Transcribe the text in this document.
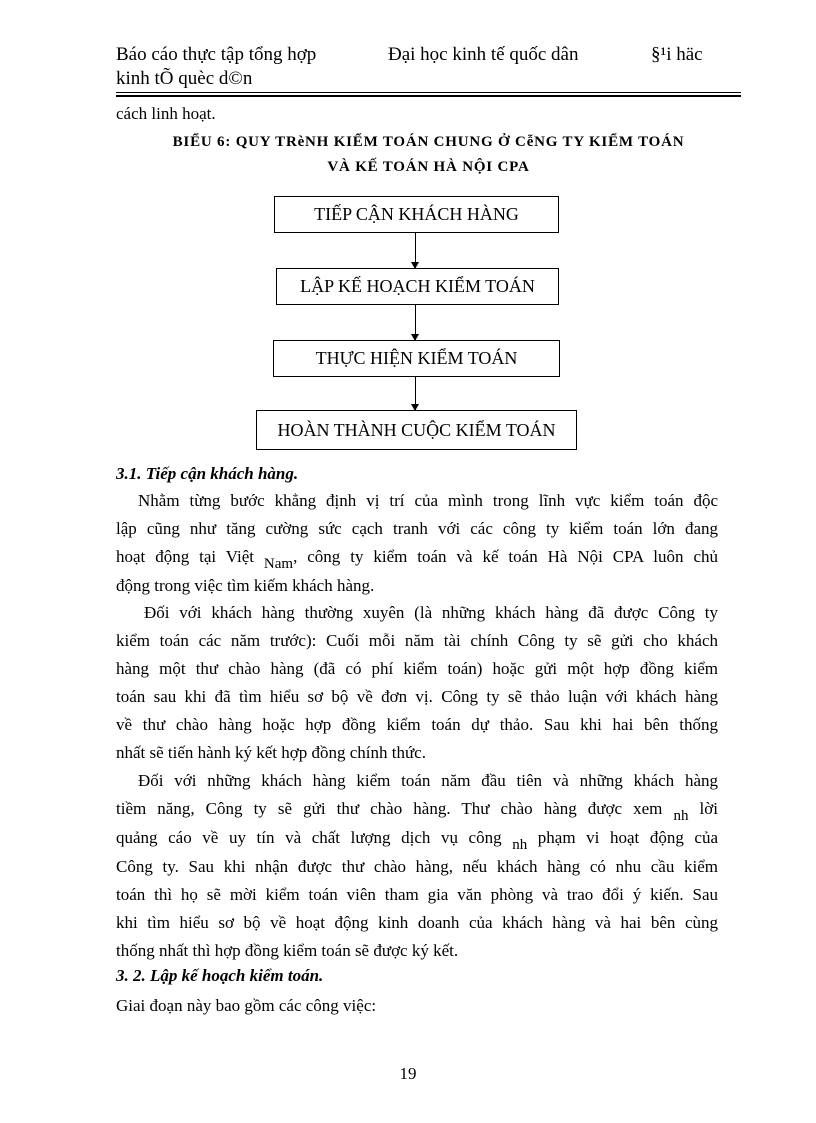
Báo cáo thực tập tổng hợp
kinh tÕ quèc d©n
Đại học kinh tế quốc dân	§¹i häc
cách linh hoạt.
BIỂU 6: QUY TRèNH KIỂM TOÁN CHUNG Ở CễNG TY KIỂM TOÁN
VÀ KẾ TOÁN HÀ NỘI CPA
TIẾP CẬN KHÁCH HÀNG
LẬP KẾ HOẠCH KIỂM TOÁN
THỰC HIỆN KIỂM TOÁN
HOÀN THÀNH CUỘC KIỂM TOÁN
3.1. Tiếp cận khách hàng.
Nhằm từng bước khẳng định vị trí của mình trong lĩnh vực kiểm toán độc
lập cũng như tăng cường sức cạch tranh với các công ty kiểm toán lớn đang
hoạt động tại Việt Nam, công ty kiểm toán và kế toán Hà Nội CPA luôn chủ
động trong việc tìm kiếm khách hàng.
Đối với khách hàng thường xuyên (là những khách hàng đã được Công ty
kiểm toán các năm trước): Cuối mỗi năm tài chính Công ty sẽ gửi cho khách
hàng một thư chào hàng (đã có phí kiểm toán) hoặc gửi một hợp đồng kiểm
toán sau khi đã tìm hiểu sơ bộ về đơn vị. Công ty sẽ thảo luận với khách hàng
về thư chào hàng hoặc hợp đồng kiểm toán dự thảo. Sau khi hai bên thống
nhất sẽ tiến hành ký kết hợp đồng chính thức.
Đối với những khách hàng kiểm toán năm đầu tiên và những khách hàng
tiềm năng, Công ty sẽ gửi thư chào hàng. Thư chào hàng được xem nh lời
quảng cáo về uy tín và chất lượng dịch vụ công nh phạm vi hoạt động của
Công ty. Sau khi nhận được thư chào hàng, nếu khách hàng có nhu cầu kiểm
toán thì họ sẽ mời kiểm toán viên tham gia văn phòng và trao đổi ý kiến. Sau
khi tìm hiểu sơ bộ về hoạt động kinh doanh của khách hàng và hai bên cùng
thống nhất thì hợp đồng kiểm toán sẽ được ký kết.
3. 2. Lập kế hoạch kiểm toán.
Giai đoạn này bao gồm các công việc:
19
